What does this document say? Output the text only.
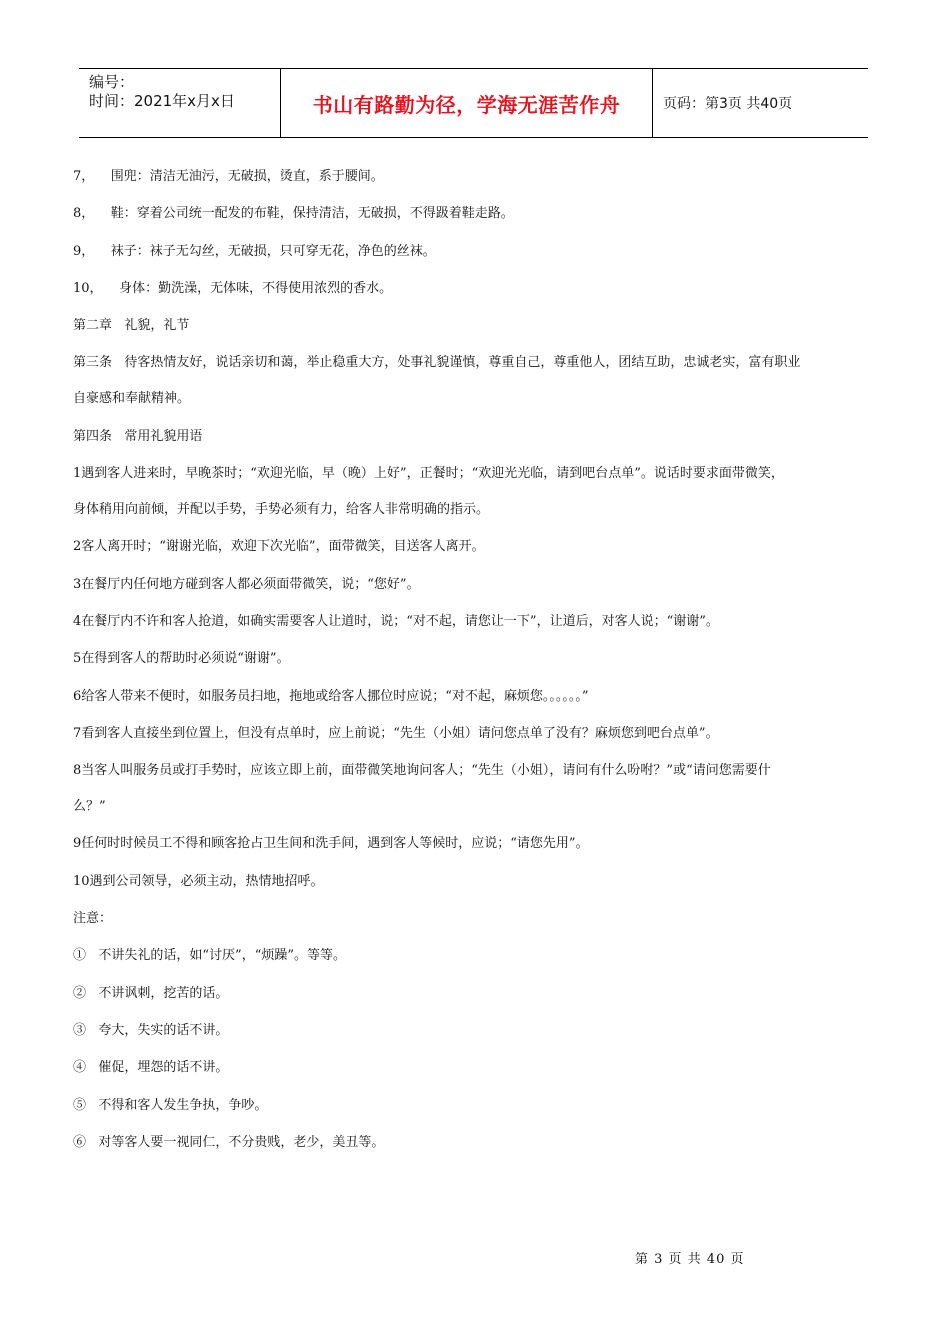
编号：
时间：2021年x月x日	书山有路勤为径，学海无涯苦作舟	页码：第3页 共40页
7，    围兜：清洁无油污，无破损，烫直，系于腰间。
8，    鞋：穿着公司统一配发的布鞋，保持清洁，无破损，不得趿着鞋走路。
9，    袜子：袜子无勾丝，无破损，只可穿无花，净色的丝袜。
10，    身体：勤洗澡，无体味，不得使用浓烈的香水。
第二章   礼貌，礼节
第三条   待客热情友好，说话亲切和蔼，举止稳重大方，处事礼貌谨慎，尊重自己，尊重他人，团结互助，忠诚老实，富有职业
自豪感和奉献精神。
第四条   常用礼貌用语
1遇到客人进来时，早晚茶时；“欢迎光临，早（晚）上好”，正餐时；“欢迎光光临，请到吧台点单”。说话时要求面带微笑，
身体稍用向前倾，并配以手势，手势必须有力，给客人非常明确的指示。
2客人离开时；“谢谢光临，欢迎下次光临”，面带微笑，目送客人离开。
3在餐厅内任何地方碰到客人都必须面带微笑，说；“您好”。
4在餐厅内不许和客人抢道，如确实需要客人让道时，说；“对不起，请您让一下”，让道后，对客人说；“谢谢”。
5在得到客人的帮助时必须说“谢谢”。
6给客人带来不便时，如服务员扫地，拖地或给客人挪位时应说；“对不起，麻烦您。。。。。。”
7看到客人直接坐到位置上，但没有点单时，应上前说；“先生（小姐）请问您点单了没有？麻烦您到吧台点单”。
8当客人叫服务员或打手势时，应该立即上前，面带微笑地询问客人；“先生（小姐），请问有什么吩咐？”或“请问您需要什
么？”
9任何时时候员工不得和顾客抢占卫生间和洗手间，遇到客人等候时，应说；“请您先用”。
10遇到公司领导，必须主动，热情地招呼。
注意：
①   不讲失礼的话，如“讨厌”，“烦躁”。等等。
②   不讲讽刺，挖苦的话。
③   夸大，失实的话不讲。
④   催促，埋怨的话不讲。
⑤   不得和客人发生争执，争吵。
⑥   对等客人要一视同仁，不分贵贱，老少，美丑等。
第 3 页 共 40 页
